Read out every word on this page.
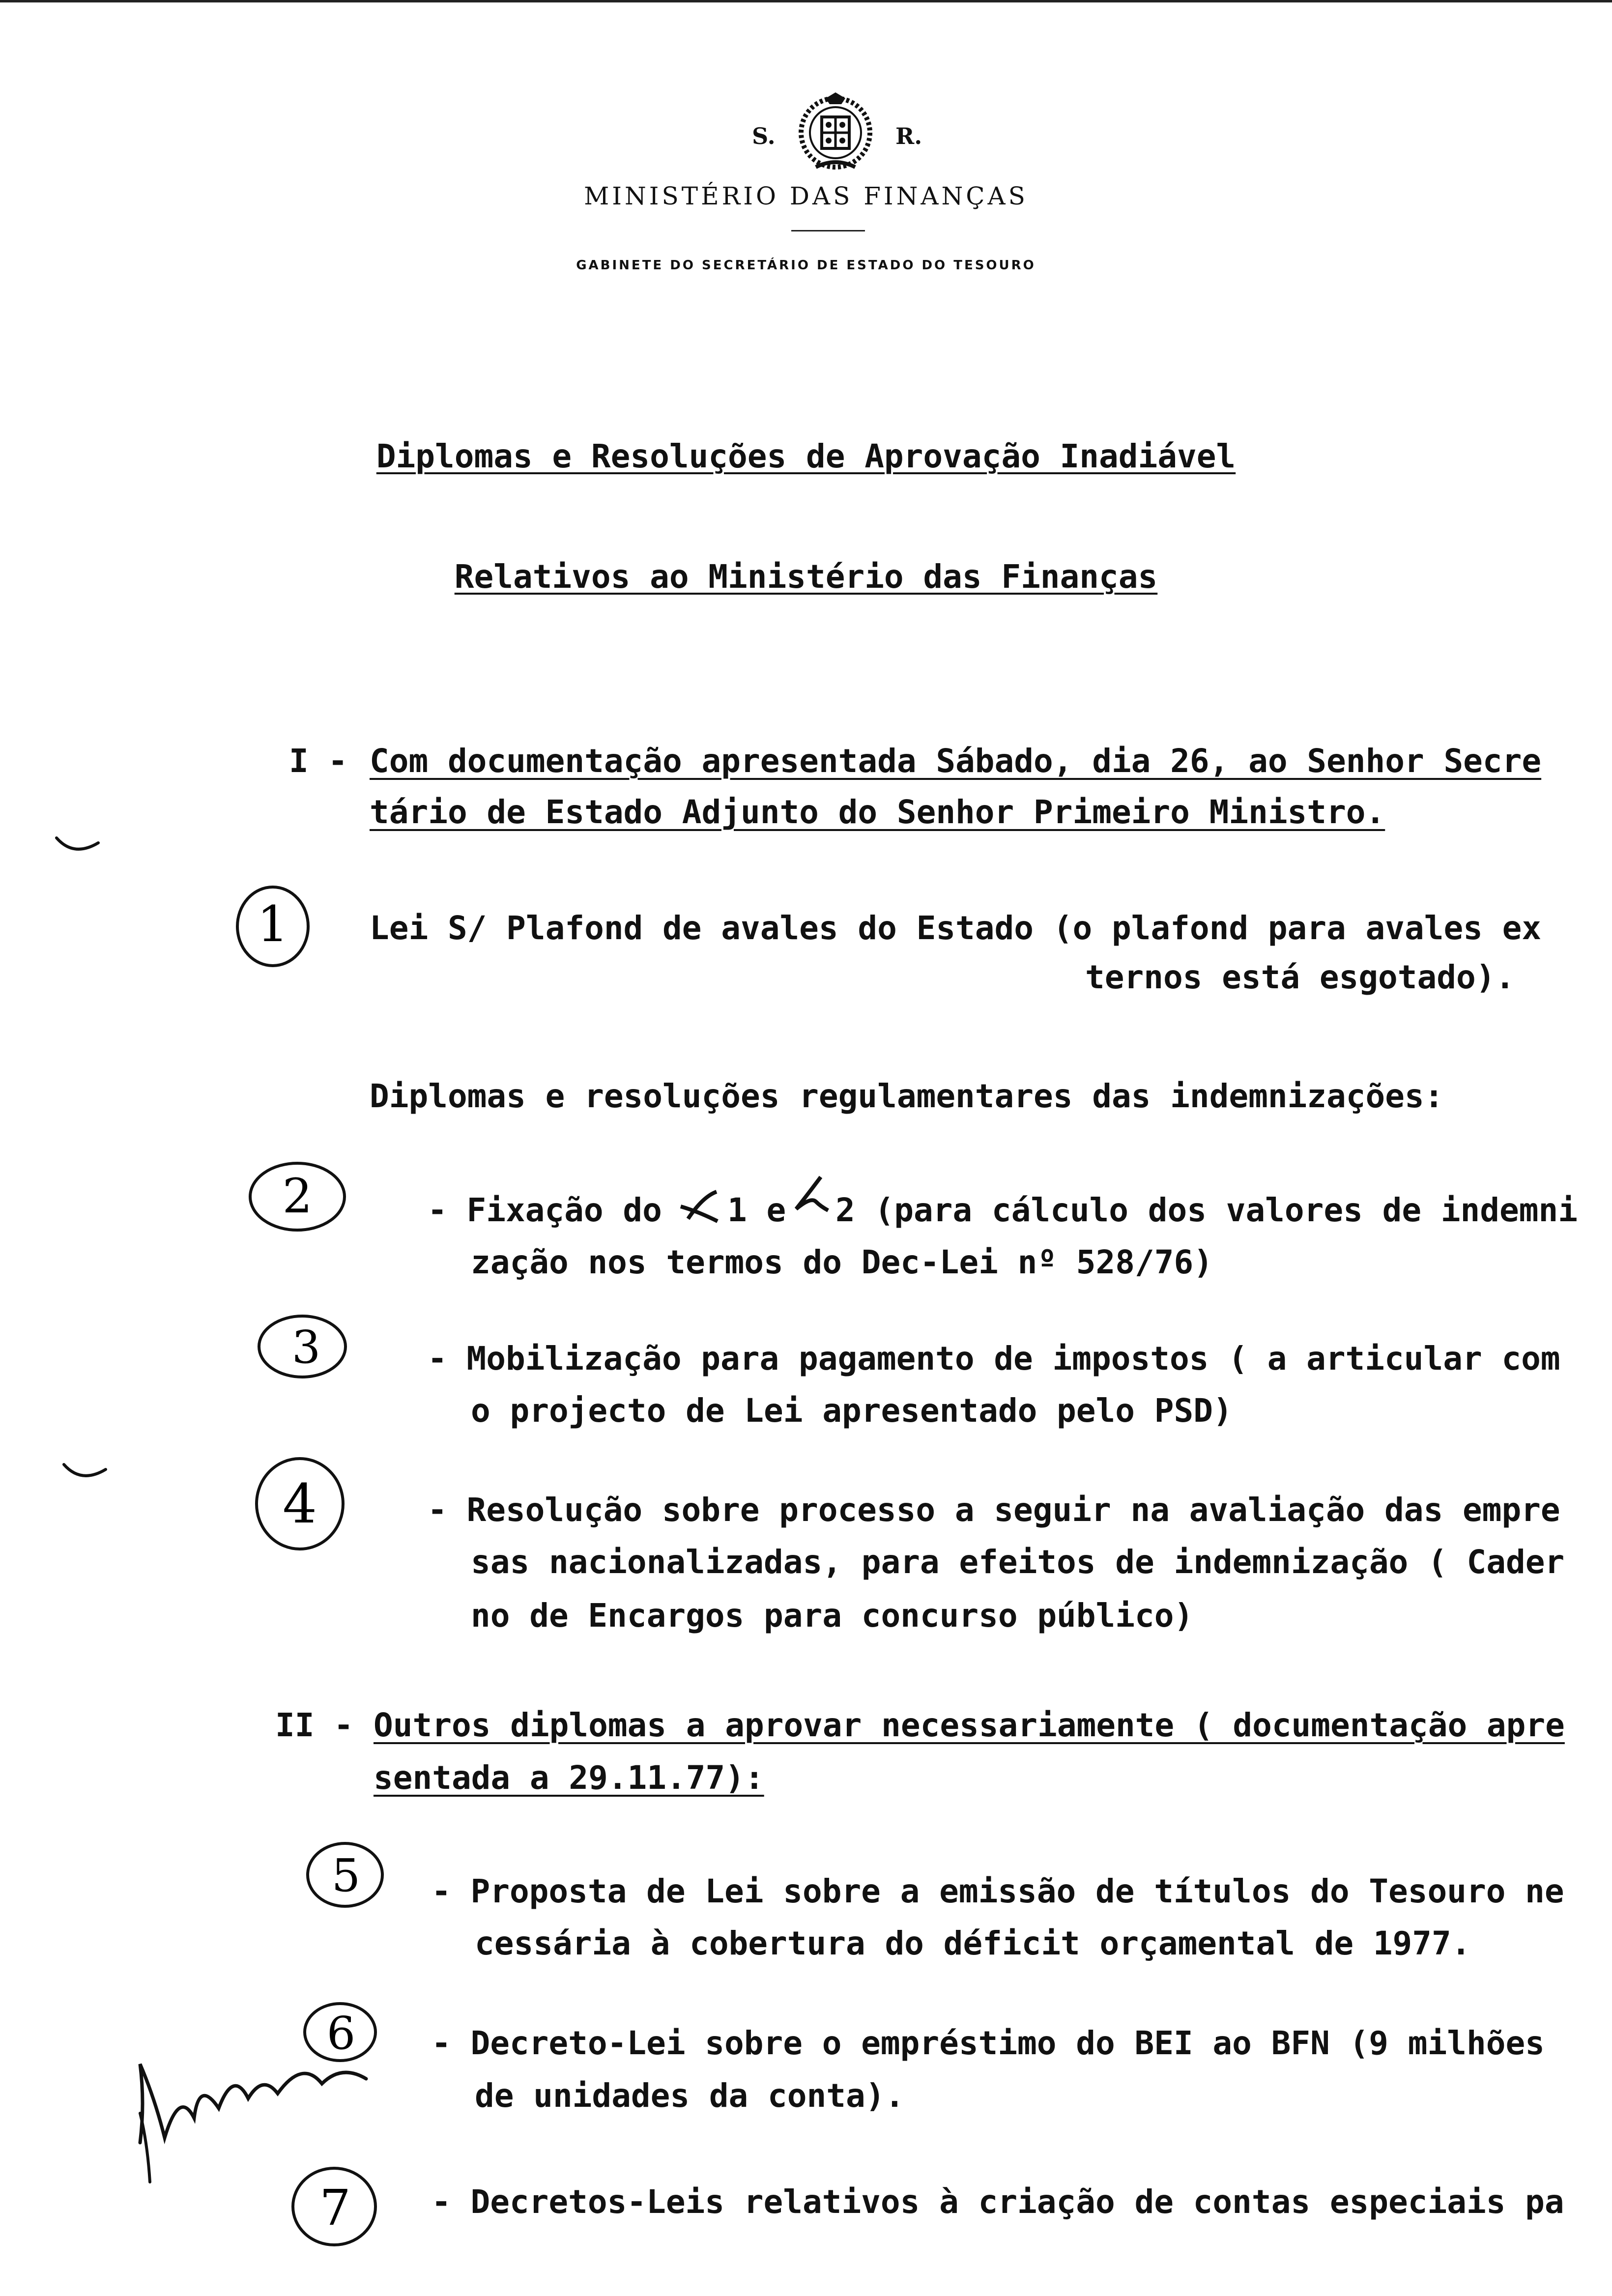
S.	R.
MINISTÉRIO DAS FINANÇAS
GABINETE DO SECRETÁRIO DE ESTADO DO TESOURO
Diplomas e Resoluções de Aprovação Inadiável
Relativos ao Ministério das Finanças
I - Com documentação apresentada Sábado, dia 26, ao Senhor Secre
tário de Estado Adjunto do Senhor Primeiro Ministro.
1	Lei S/ Plafond de avales do Estado (o plafond para avales ex
ternos está esgotado).
Diplomas e resoluções regulamentares das indemnizações:
2	- Fixação do 1 e 2 (para cálculo dos valores de indemni
zação nos termos do Dec-Lei nº 528/76)
3	- Mobilização para pagamento de impostos ( a articular com
o projecto de Lei apresentado pelo PSD)
4	- Resolução sobre processo a seguir na avaliação das empre
sas nacionalizadas, para efeitos de indemnização ( Cader
no de Encargos para concurso público)
II - Outros diplomas a aprovar necessariamente ( documentação apre
sentada a 29.11.77):
5 - Proposta de Lei sobre a emissão de títulos do Tesouro ne
cessária à cobertura do déficit orçamental de 1977.
6 - Decreto-Lei sobre o empréstimo do BEI ao BFN (9 milhões
de unidades da conta).
7 - Decretos-Leis relativos à criação de contas especiais pa
